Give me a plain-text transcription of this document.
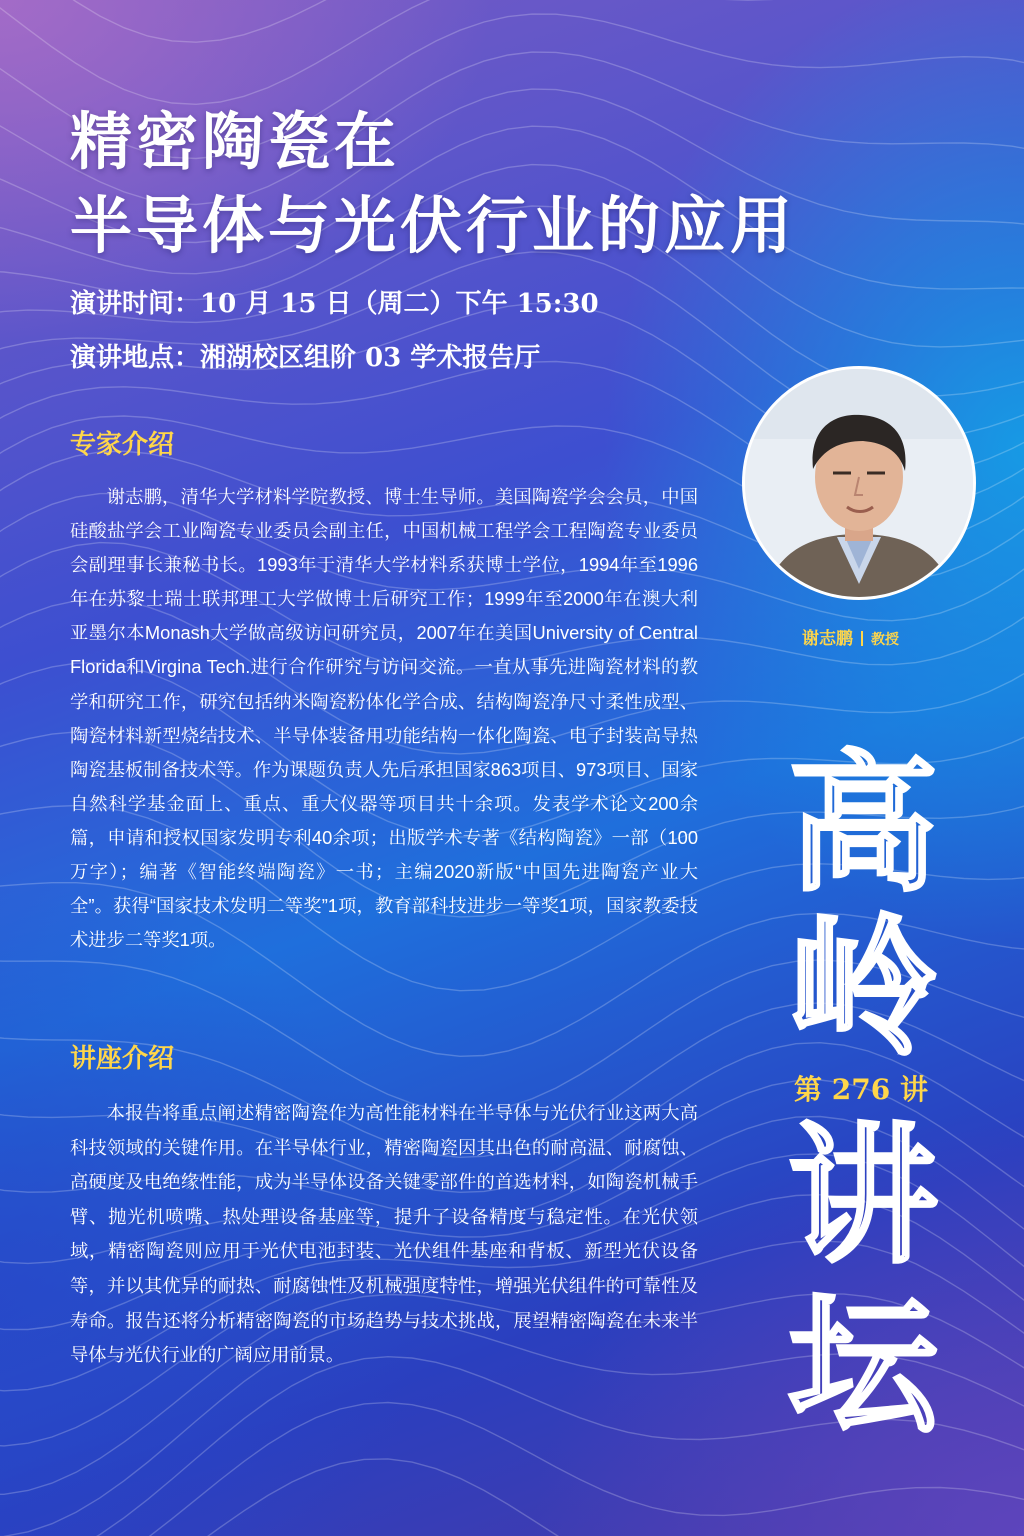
精密陶瓷在
半导体与光伏行业的应用

演讲时间：10 月 15 日（周二）下午 15:30

演讲地点：湘湖校区组阶 03 学术报告厅

专家介绍

谢志鹏，清华大学材料学院教授、博士生导师。美国陶瓷学会会员，中国硅酸盐学会工业陶瓷专业委员会副主任，中国机械工程学会工程陶瓷专业委员会副理事长兼秘书长。1993年于清华大学材料系获博士学位，1994年至1996年在苏黎士瑞士联邦理工大学做博士后研究工作；1999年至2000年在澳大利亚墨尔本Monash大学做高级访问研究员，2007年在美国University of Central Florida和Virgina Tech.进行合作研究与访问交流。一直从事先进陶瓷材料的教学和研究工作，研究包括纳米陶瓷粉体化学合成、结构陶瓷净尺寸柔性成型、陶瓷材料新型烧结技术、半导体装备用功能结构一体化陶瓷、电子封装高导热陶瓷基板制备技术等。作为课题负责人先后承担国家863项目、973项目、国家自然科学基金面上、重点、重大仪器等项目共十余项。发表学术论文200余篇，申请和授权国家发明专利40余项；出版学术专著《结构陶瓷》一部（100万字）；编著《智能终端陶瓷》一书；主编2020新版“中国先进陶瓷产业大全”。获得“国家技术发明二等奖”1项，教育部科技进步一等奖1项，国家教委技术进步二等奖1项。

谢志鹏 教授
高
岭
第 276 讲
讲
坛
讲座介绍

本报告将重点阐述精密陶瓷作为高性能材料在半导体与光伏行业这两大高科技领域的关键作用。在半导体行业，精密陶瓷因其出色的耐高温、耐腐蚀、高硬度及电绝缘性能，成为半导体设备关键零部件的首选材料，如陶瓷机械手臂、抛光机喷嘴、热处理设备基座等，提升了设备精度与稳定性。在光伏领域，精密陶瓷则应用于光伏电池封装、光伏组件基座和背板、新型光伏设备等，并以其优异的耐热、耐腐蚀性及机械强度特性，增强光伏组件的可靠性及寿命。报告还将分析精密陶瓷的市场趋势与技术挑战，展望精密陶瓷在未来半导体与光伏行业的广阔应用前景。
